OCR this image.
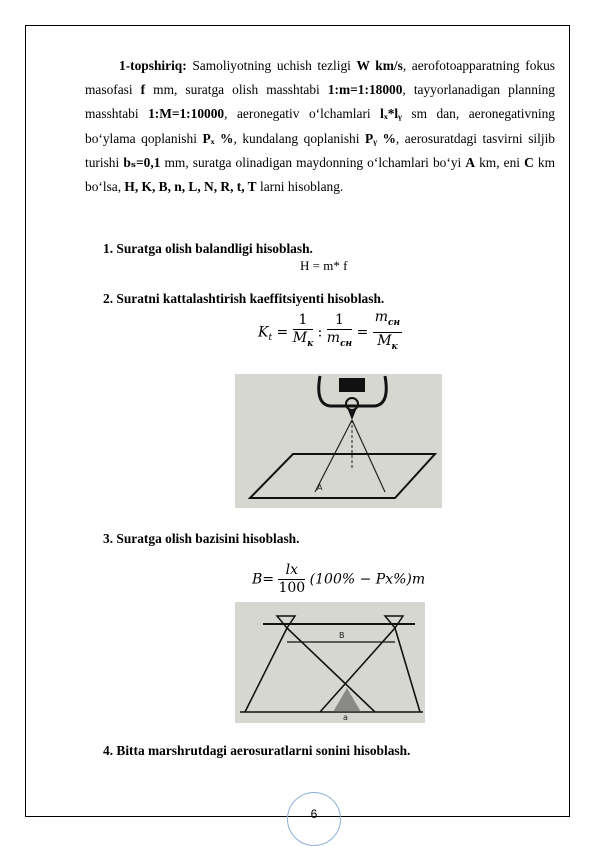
1-topshiriq: Samoliyotning uchish tezligi W km/s, aerofotoapparatning fokus masofasi f mm, suratga olish masshtabi 1:m=1:18000, tayyorlanadigan planning masshtabi 1:M=1:10000, aeronegativ o‘lchamlari lₓ*lᵧ sm dan, aeronegativning bo‘ylama qoplanishi Pₓ %, kundalang qoplanishi Pᵧ %, aerosuratdagi tasvirni siljib turishi bₛ=0,1 mm, suratga olinadigan maydonning o‘lchamlari bo‘yi A km, eni C km bo‘lsa, H, K, B, n, L, N, R, t, T larni hisoblang.
1. Suratga olish balandligi hisoblash.
H = m* f
2. Suratni kattalashtirish kaeffitsiyenti hisoblash.
$K_t = \frac{1}{M_к}$ : $\frac{1}{m_{сн}} = \frac{m_{сн}}{M_к}$
A
3. Suratga olish bazisini hisoblash.
$B= \frac{lx}{100} (100\% - Px\%)m$
B
a
4. Bitta marshrutdagi aerosuratlarni sonini hisoblash.
6
